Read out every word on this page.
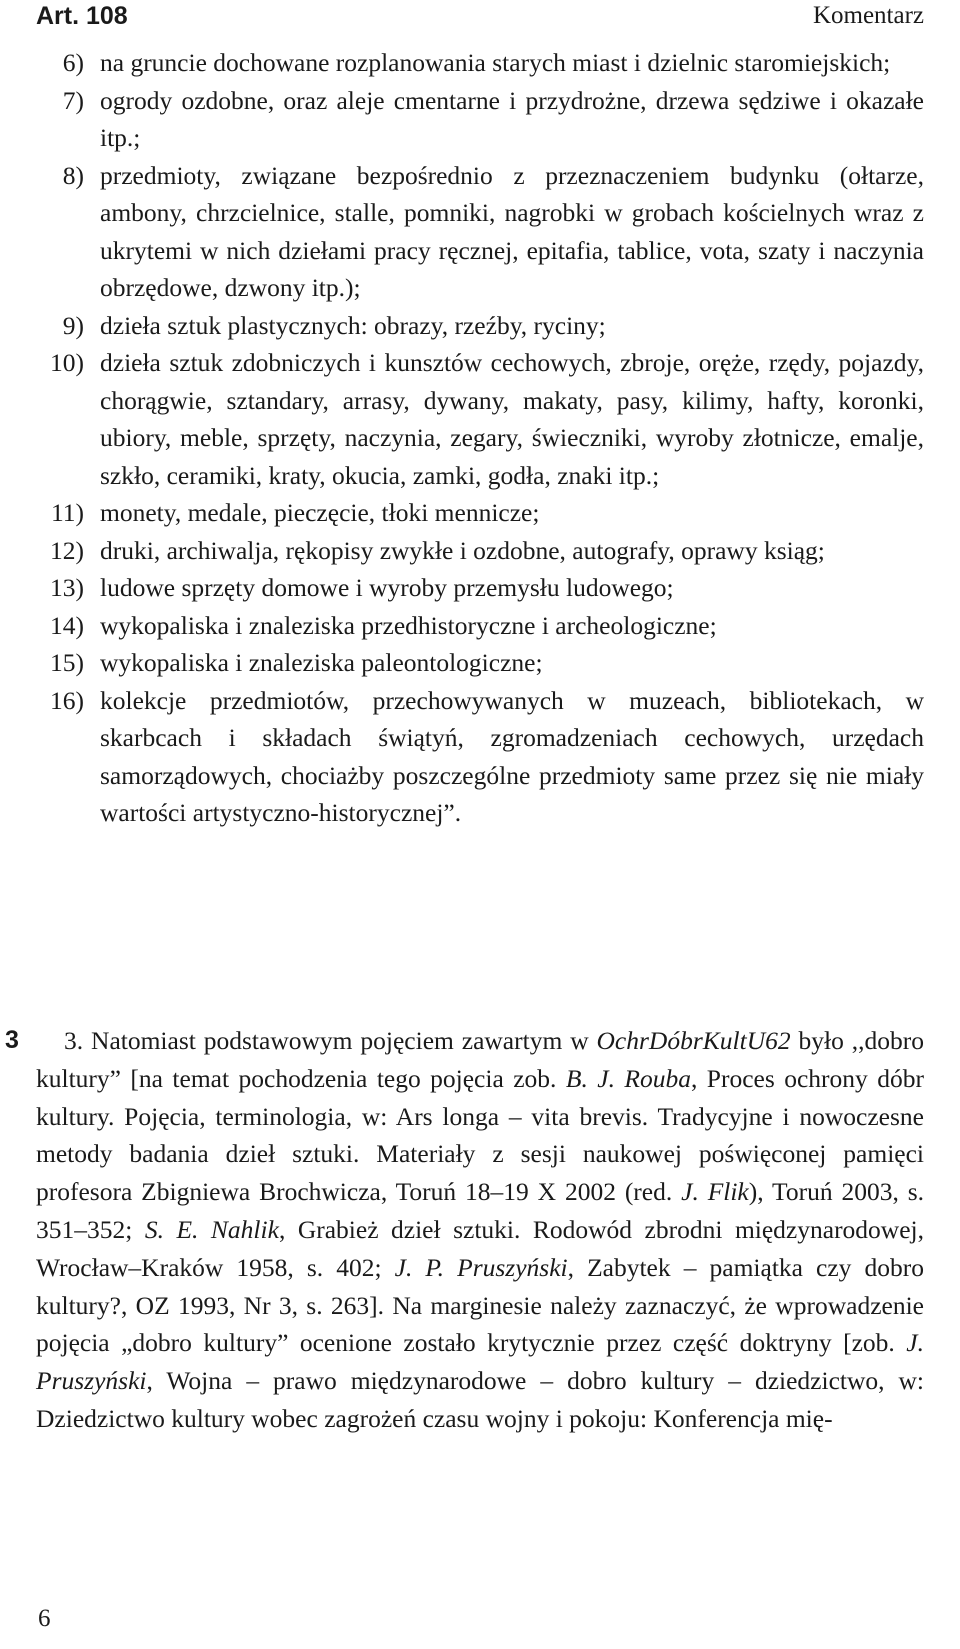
Art. 108	Komentarz
6) na gruncie dochowane rozplanowania starych miast i dzielnic staromiejskich;
7) ogrody ozdobne, oraz aleje cmentarne i przydrożne, drzewa sędziwe i okazałe itp.;
8) przedmioty, związane bezpośrednio z przeznaczeniem budynku (ołtarze, ambony, chrzcielnice, stalle, pomniki, nagrobki w grobach kościelnych wraz z ukrytemi w nich dziełami pracy ręcznej, epitafia, tablice, vota, szaty i naczynia obrzędowe, dzwony itp.);
9) dzieła sztuk plastycznych: obrazy, rzeźby, ryciny;
10) dzieła sztuk zdobniczych i kunsztów cechowych, zbroje, oręże, rzędy, pojazdy, chorągwie, sztandary, arrasy, dywany, makaty, pasy, kilimy, hafty, koronki, ubiory, meble, sprzęty, naczynia, zegary, świeczniki, wyroby złotnicze, emalje, szkło, ceramiki, kraty, okucia, zamki, godła, znaki itp.;
11) monety, medale, pieczęcie, tłoki mennicze;
12) druki, archiwalja, rękopisy zwykłe i ozdobne, autografy, oprawy ksiąg;
13) ludowe sprzęty domowe i wyroby przemysłu ludowego;
14) wykopaliska i znaleziska przedhistoryczne i archeologiczne;
15) wykopaliska i znaleziska paleontologiczne;
16) kolekcje przedmiotów, przechowywanych w muzeach, bibliotekach, w skarbcach i składach świątyń, zgromadzeniach cechowych, urzędach samorządowych, chociażby poszczególne przedmioty same przez się nie miały wartości artystyczno-historycznej”.
3	3. Natomiast podstawowym pojęciem zawartym w OchrDóbrKultU62 było ,,dobro kultury” [na temat pochodzenia tego pojęcia zob. B. J. Rouba, Proces ochrony dóbr kultury. Pojęcia, terminologia, w: Ars longa – vita brevis. Tradycyjne i nowoczesne metody badania dzieł sztuki. Materiały z sesji naukowej poświęconej pamięci profesora Zbigniewa Brochwicza, Toruń 18–19 X 2002 (red. J. Flik), Toruń 2003, s. 351–352; S. E. Nahlik, Grabież dzieł sztuki. Rodowód zbrodni międzynarodowej, Wrocław–Kraków 1958, s. 402; J. P. Pruszyński, Zabytek – pamiątka czy dobro kultury?, OZ 1993, Nr 3, s. 263]. Na marginesie należy zaznaczyć, że wprowadzenie pojęcia „dobro kultury” ocenione zostało krytycznie przez część doktryny [zob. J. Pruszyński, Wojna – prawo międzynarodowe – dobro kultury – dziedzictwo, w: Dziedzictwo kultury wobec zagrożeń czasu wojny i pokoju: Konferencja mię-

6
